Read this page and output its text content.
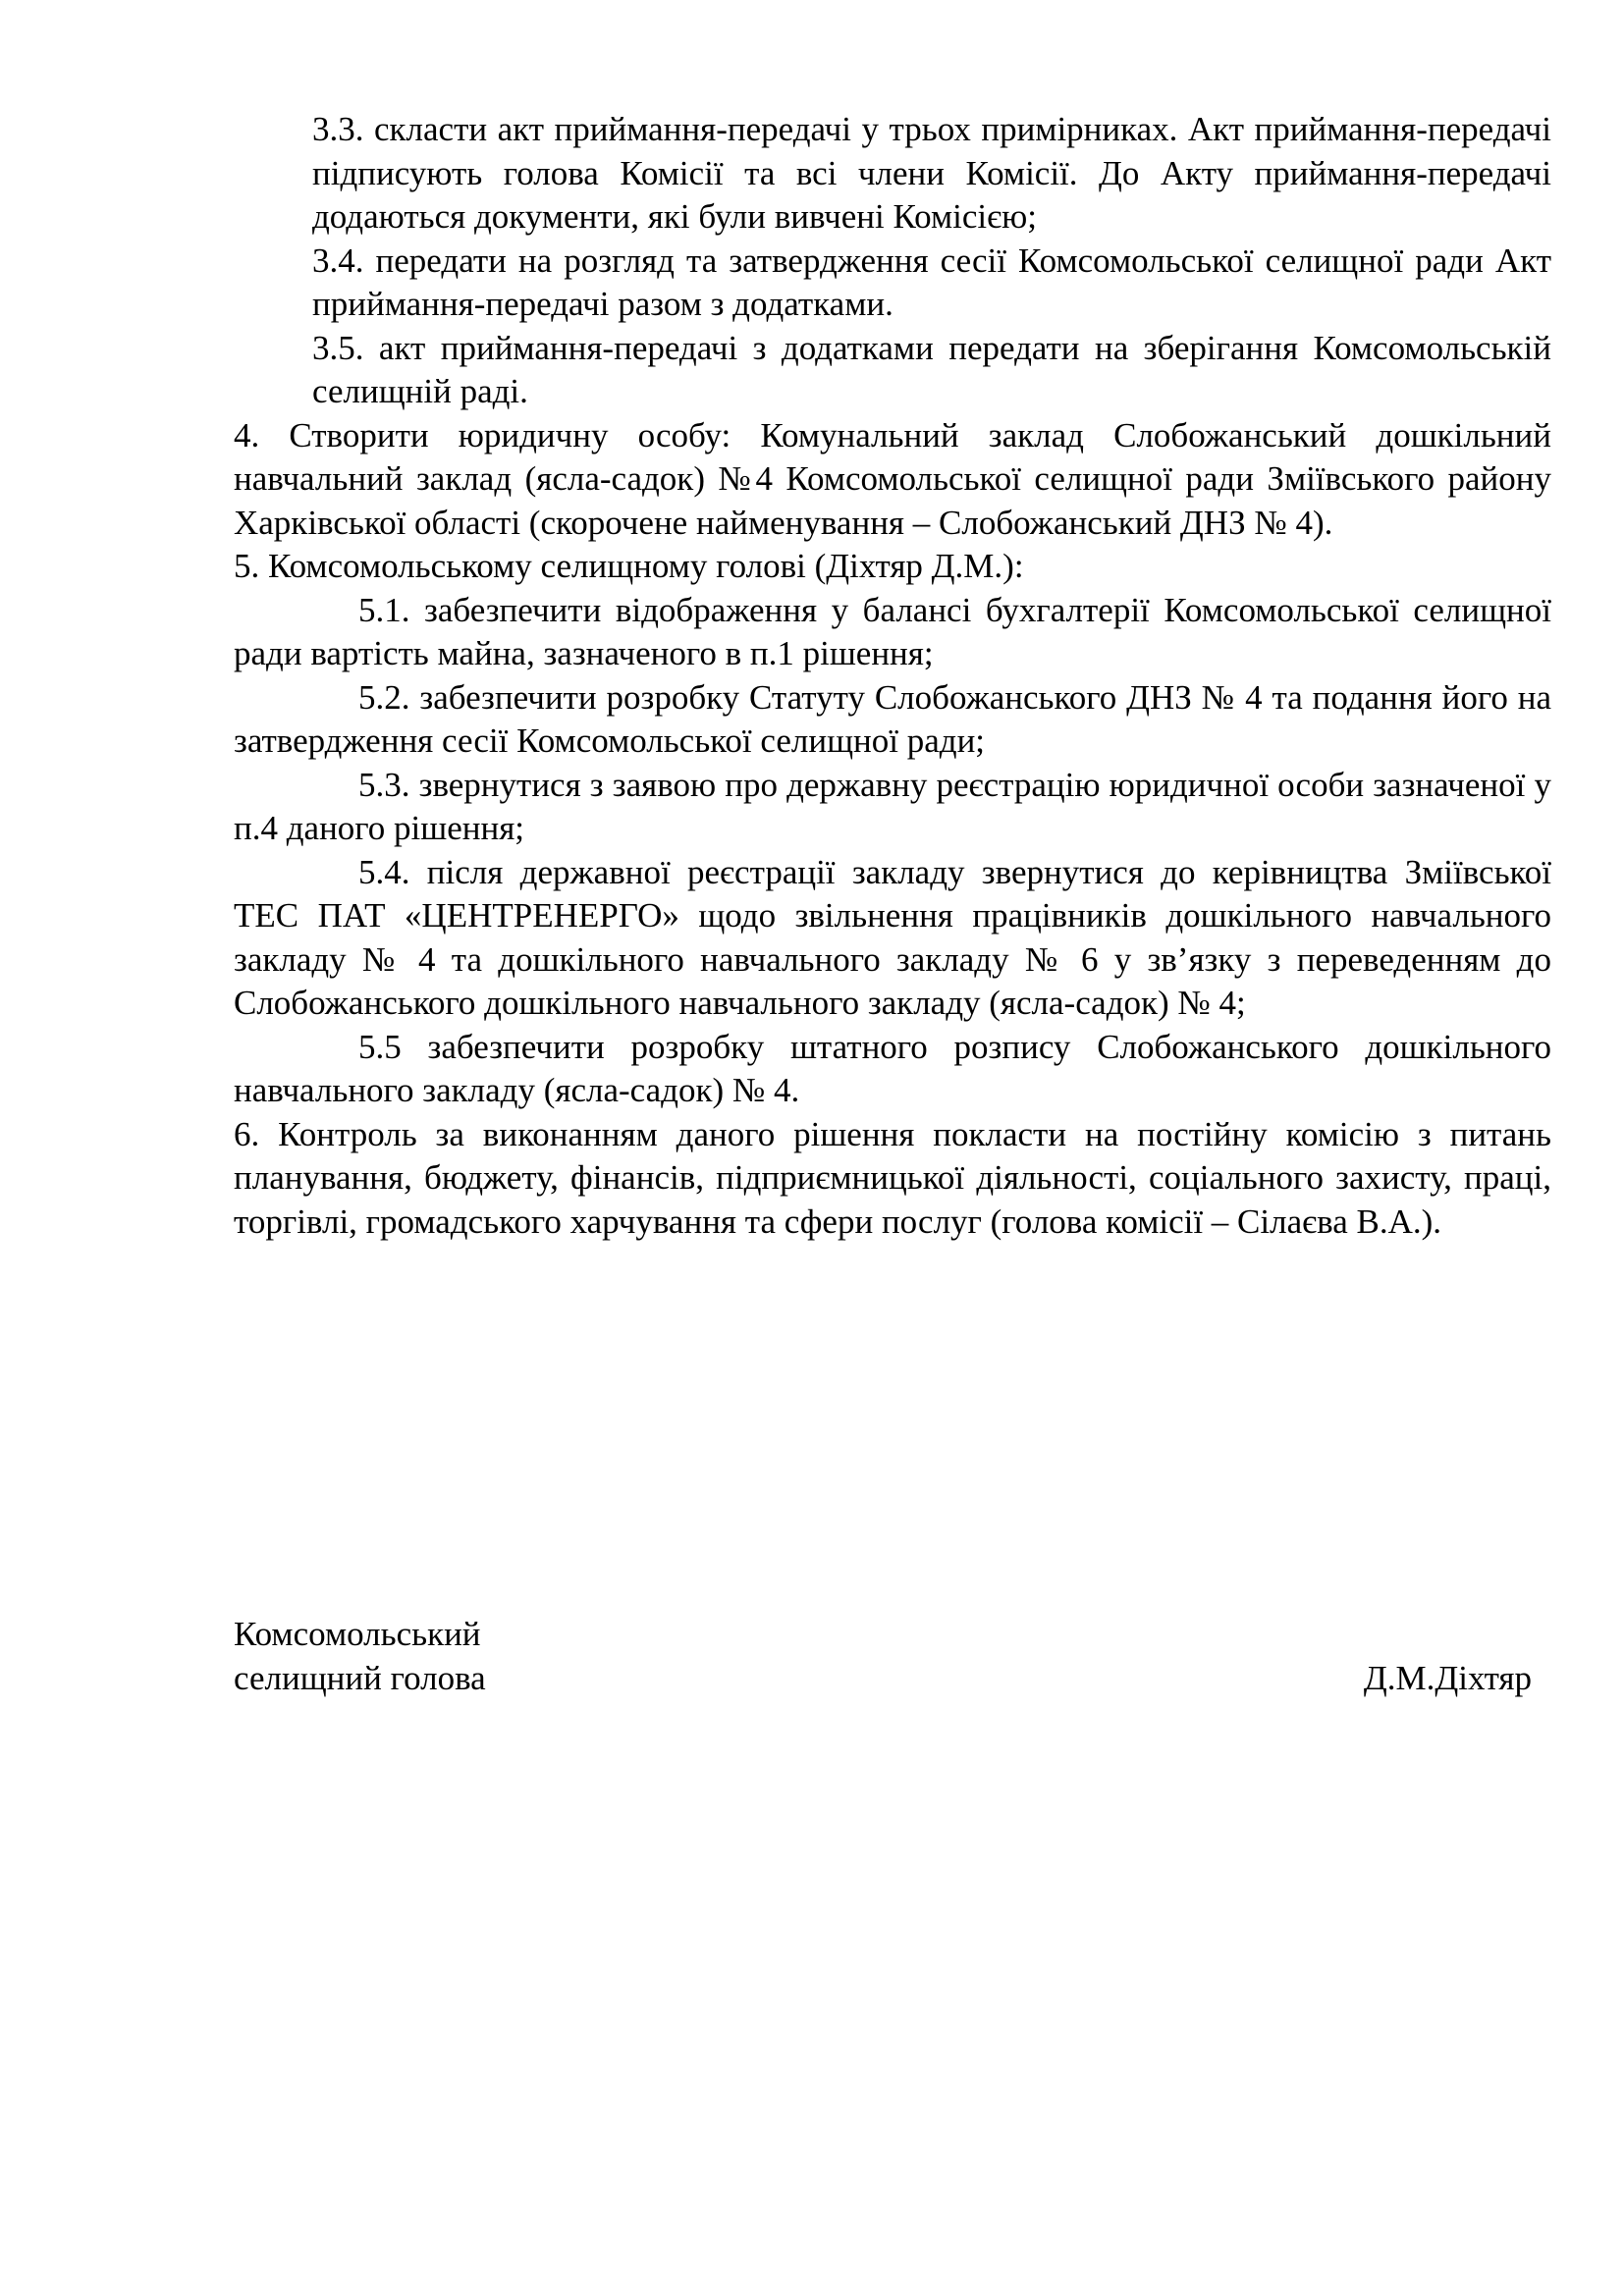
3.3. скласти акт приймання-передачі у трьох примірниках. Акт приймання-передачі підписують голова Комісії та всі члени Комісії. До Акту приймання-передачі додаються документи, які були вивчені Комісією;

3.4. передати на розгляд та затвердження сесії Комсомольської селищної ради Акт приймання-передачі разом з додатками.

3.5. акт приймання-передачі з додатками передати на зберігання Комсомольській селищній раді.

4. Створити юридичну особу: Комунальний заклад Слобожанський дошкільний навчальний заклад (ясла-садок) №4 Комсомольської селищної ради Зміївського району Харківської області (скорочене найменування – Слобожанський ДНЗ № 4).

5. Комсомольському селищному голові (Діхтяр Д.М.):

5.1. забезпечити відображення у балансі бухгалтерії Комсомольської селищної ради вартість майна, зазначеного в п.1 рішення;

5.2. забезпечити розробку Статуту Слобожанського ДНЗ № 4 та подання його на затвердження сесії Комсомольської селищної ради;

5.3. звернутися з заявою про державну реєстрацію юридичної особи зазначеної у п.4 даного рішення;

5.4. після державної реєстрації закладу звернутися до керівництва Зміївської ТЕС ПАТ «ЦЕНТРЕНЕРГО» щодо звільнення працівників дошкільного навчального закладу № 4 та дошкільного навчального закладу № 6 у зв’язку з переведенням до Слобожанського дошкільного навчального закладу (ясла-садок) № 4;

5.5 забезпечити розробку штатного розпису Слобожанського дошкільного навчального закладу (ясла-садок) № 4.

6. Контроль за виконанням даного рішення покласти на постійну комісію з питань планування, бюджету, фінансів, підприємницької діяльності, соціального захисту, праці, торгівлі, громадського харчування та сфери послуг (голова комісії – Сілаєва В.А.).

Комсомольський

селищний голова	Д.М.Діхтяр
